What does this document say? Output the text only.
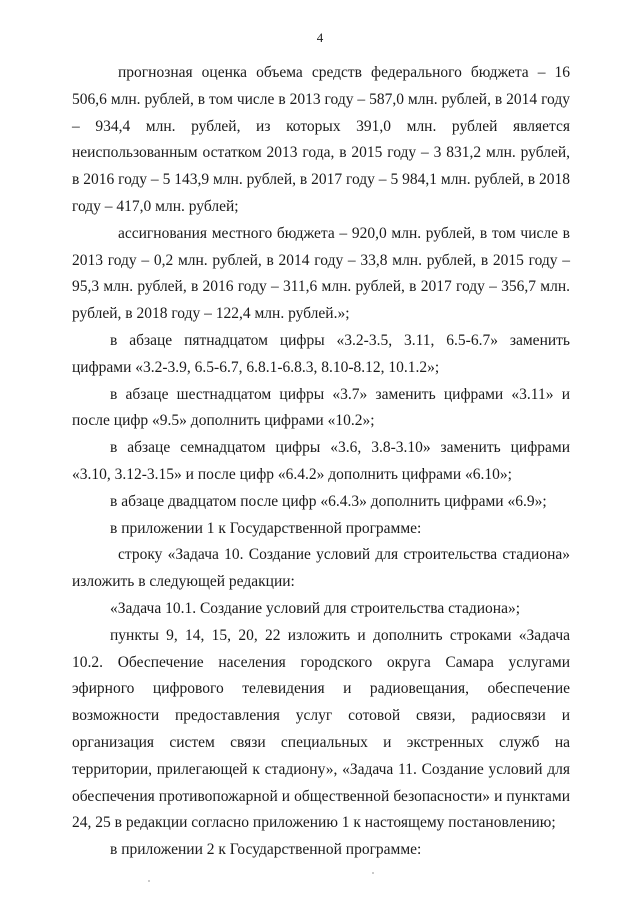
4

прогнозная оценка объема средств федерального бюджета – 16 506,6 млн. рублей, в том числе в 2013 году – 587,0 млн. рублей, в 2014 году – 934,4 млн. рублей, из которых 391,0 млн. рублей является неиспользованным остатком 2013 года, в 2015 году – 3 831,2 млн. рублей, в 2016 году – 5 143,9 млн. рублей, в 2017 году – 5 984,1 млн. рублей, в 2018 году – 417,0 млн. рублей;

ассигнования местного бюджета – 920,0 млн. рублей, в том числе в 2013 году – 0,2 млн. рублей, в 2014 году – 33,8 млн. рублей, в 2015 году – 95,3 млн. рублей, в 2016 году – 311,6 млн. рублей, в 2017 году – 356,7 млн. рублей, в 2018 году – 122,4 млн. рублей.»;

в абзаце пятнадцатом цифры «3.2-3.5, 3.11, 6.5-6.7» заменить цифрами «3.2-3.9, 6.5-6.7, 6.8.1-6.8.3, 8.10-8.12, 10.1.2»;

в абзаце шестнадцатом цифры «3.7» заменить цифрами «3.11» и после цифр «9.5» дополнить цифрами «10.2»;

в абзаце семнадцатом цифры «3.6, 3.8-3.10» заменить цифрами «3.10, 3.12-3.15» и после цифр «6.4.2» дополнить цифрами «6.10»;

в абзаце двадцатом после цифр «6.4.3» дополнить цифрами «6.9»;

в приложении 1 к Государственной программе:

строку «Задача 10. Создание условий для строительства стадиона» изложить в следующей редакции:

«Задача 10.1. Создание условий для строительства стадиона»;

пункты 9, 14, 15, 20, 22 изложить и дополнить строками «Задача 10.2. Обеспечение населения городского округа Самара услугами эфирного цифрового телевидения и радиовещания, обеспечение возможности предоставления услуг сотовой связи, радиосвязи и организация систем связи специальных и экстренных служб на территории, прилегающей к стадиону», «Задача 11. Создание условий для обеспечения противопожарной и общественной безопасности» и пунктами 24, 25 в редакции согласно приложению 1 к настоящему постановлению;

в приложении 2 к Государственной программе:
